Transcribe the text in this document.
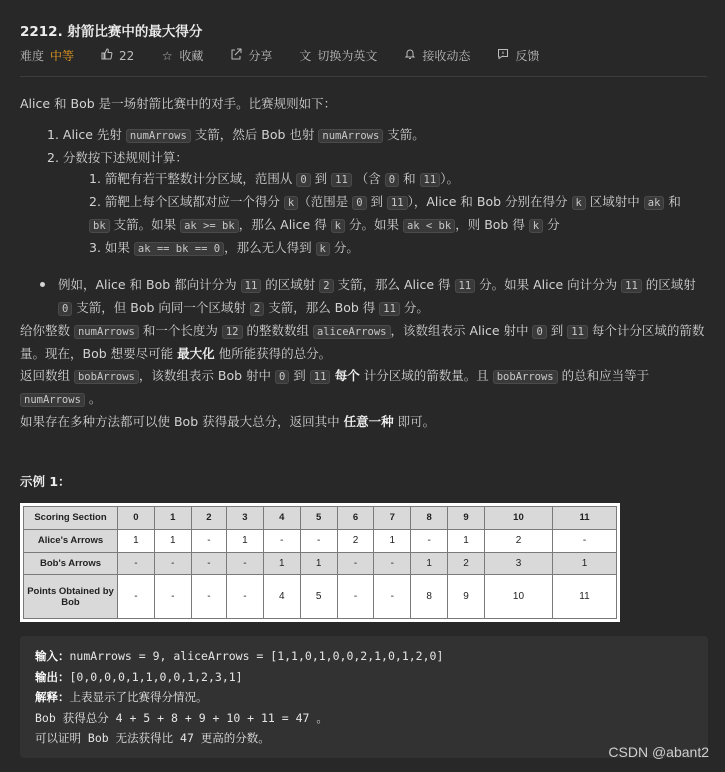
2212. 射箭比赛中的最大得分
难度 中等	22 ☆ 收藏	分享 文 切换为英文	接收动态	反馈

Alice 和 Bob 是一场射箭比赛中的对手。比赛规则如下：

1. Alice 先射 numArrows 支箭，然后 Bob 也射 numArrows 支箭。
2. 分数按下述规则计算：
1. 箭靶有若干整数计分区域，范围从 0 到 11 （含 0 和 11 ）。
2. 箭靶上每个区域都对应一个得分 k （范围是 0 到 11 ），Alice 和 Bob 分别在得分 k 区域射中 ak 和
bk 支箭。如果 ak >= bk ，那么 Alice 得 k 分。如果 ak < bk ，则 Bob 得 k 分
3. 如果 ak == bk == 0 ，那么无人得到 k 分。
例如，Alice 和 Bob 都向计分为 11 的区域射 2 支箭，那么 Alice 得 11 分。如果 Alice 向计分为 11 的区域射
0 支箭，但 Bob 向同一个区域射 2 支箭，那么 Bob 得 11 分。

给你整数 numArrows 和一个长度为 12 的整数数组 aliceArrows ，该数组表示 Alice 射中 0 到 11 每个计分区域的箭数量。现在，Bob 想要尽可能 最大化 他所能获得的总分。

返回数组 bobArrows ，该数组表示 Bob 射中 0 到 11 每个 计分区域的箭数量。且 bobArrows 的总和应当等于
numArrows 。

如果存在多种方法都可以使 Bob 获得最大总分，返回其中 任意一种 即可。

示例 1：
Scoring Section	0	1	2	3	4	5	6	7	8	9	10	11
Alice's Arrows	1	1	-	1	-	-	2	1	-	1	2	-
Bob's Arrows	-	-	-	-	1	1	-	-	1	2	3	1
Points Obtained by Bob	-	-	-	-	4	5	-	-	8	9	10	11
输入：numArrows = 9, aliceArrows = [1,1,0,1,0,0,2,1,0,1,2,0]
输出：[0,0,0,0,1,1,0,0,1,2,3,1]
解释：上表显示了比赛得分情况。
Bob 获得总分 4 + 5 + 8 + 9 + 10 + 11 = 47 。
可以证明 Bob 无法获得比 47 更高的分数。
CSDN @abant2
